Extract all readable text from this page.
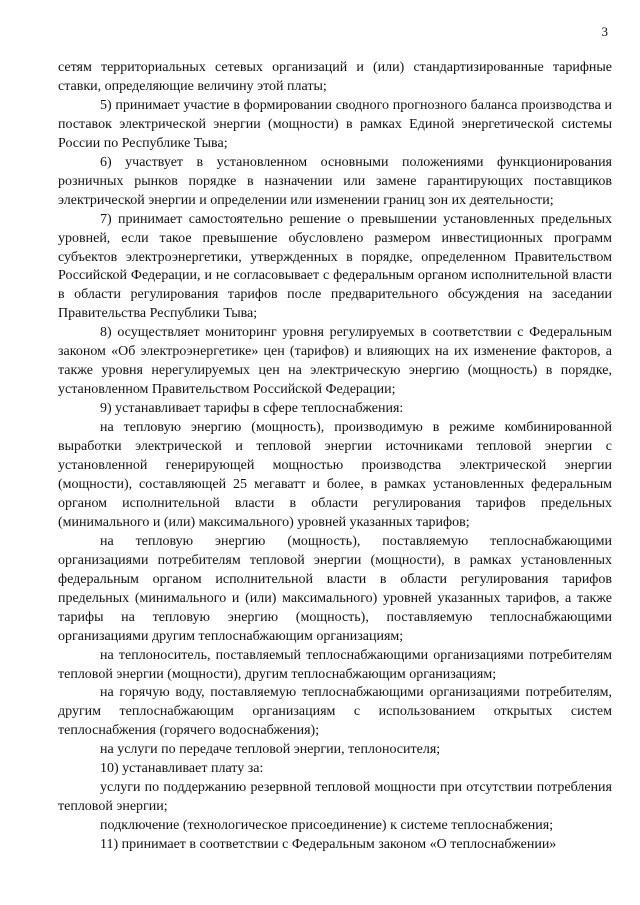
3

сетям территориальных сетевых организаций и (или) стандартизированные тарифные ставки, определяющие величину этой платы;

5) принимает участие в формировании сводного прогнозного баланса производства и поставок электрической энергии (мощности) в рамках Единой энергетической системы России по Республике Тыва;

6) участвует в установленном основными положениями функционирования розничных рынков порядке в назначении или замене гарантирующих поставщиков электрической энергии и определении или изменении границ зон их деятельности;

7) принимает самостоятельно решение о превышении установленных предельных уровней, если такое превышение обусловлено размером инвестиционных программ субъектов электроэнергетики, утвержденных в порядке, определенном Правительством Российской Федерации, и не согласовывает с федеральным органом исполнительной власти в области регулирования тарифов после предварительного обсуждения на заседании Правительства Республики Тыва;

8) осуществляет мониторинг уровня регулируемых в соответствии с Федеральным законом «Об электроэнергетике» цен (тарифов) и влияющих на их изменение факторов, а также уровня нерегулируемых цен на электрическую энергию (мощность) в порядке, установленном Правительством Российской Федерации;

9) устанавливает тарифы в сфере теплоснабжения:

на тепловую энергию (мощность), производимую в режиме комбинированной выработки электрической и тепловой энергии источниками тепловой энергии с установленной генерирующей мощностью производства электрической энергии (мощности), составляющей 25 мегаватт и более, в рамках установленных федеральным органом исполнительной власти в области регулирования тарифов предельных (минимального и (или) максимального) уровней указанных тарифов;

на тепловую энергию (мощность), поставляемую теплоснабжающими организациями потребителям тепловой энергии (мощности), в рамках установленных федеральным органом исполнительной власти в области регулирования тарифов предельных (минимального и (или) максимального) уровней указанных тарифов, а также тарифы на тепловую энергию (мощность), поставляемую теплоснабжающими организациями другим теплоснабжающим организациям;

на теплоноситель, поставляемый теплоснабжающими организациями потребителям тепловой энергии (мощности), другим теплоснабжающим организациям;

на горячую воду, поставляемую теплоснабжающими организациями потребителям, другим теплоснабжающим организациям с использованием открытых систем теплоснабжения (горячего водоснабжения);

на услуги по передаче тепловой энергии, теплоносителя;

10) устанавливает плату за:

услуги по поддержанию резервной тепловой мощности при отсутствии потребления тепловой энергии;

подключение (технологическое присоединение) к системе теплоснабжения;

11) принимает в соответствии с Федеральным законом «О теплоснабжении»
